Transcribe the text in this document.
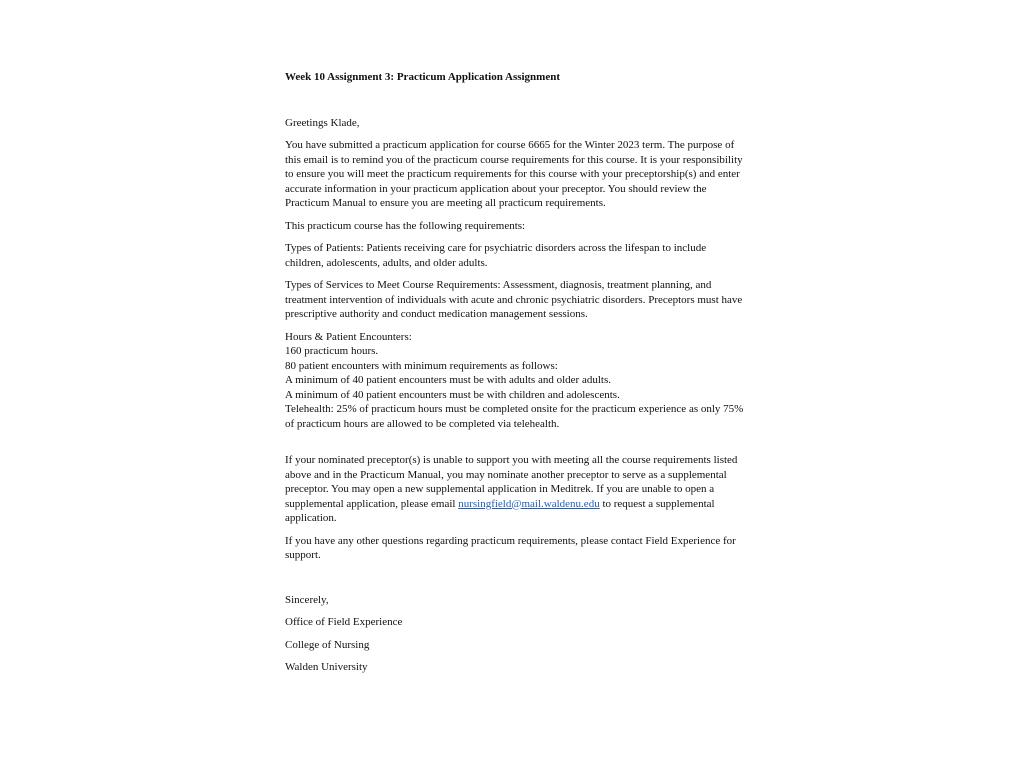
Week 10 Assignment 3: Practicum Application Assignment

Greetings Klade,

You have submitted a practicum application for course 6665 for the Winter 2023 term. The purpose of this email is to remind you of the practicum course requirements for this course. It is your responsibility to ensure you will meet the practicum requirements for this course with your preceptorship(s) and enter accurate information in your practicum application about your preceptor. You should review the Practicum Manual to ensure you are meeting all practicum requirements.

This practicum course has the following requirements:

Types of Patients: Patients receiving care for psychiatric disorders across the lifespan to include children, adolescents, adults, and older adults.

Types of Services to Meet Course Requirements: Assessment, diagnosis, treatment planning, and treatment intervention of individuals with acute and chronic psychiatric disorders. Preceptors must have prescriptive authority and conduct medication management sessions.

Hours & Patient Encounters:
160 practicum hours.
80 patient encounters with minimum requirements as follows:
A minimum of 40 patient encounters must be with adults and older adults.
A minimum of 40 patient encounters must be with children and adolescents.
Telehealth: 25% of practicum hours must be completed onsite for the practicum experience as only 75% of practicum hours are allowed to be completed via telehealth.

If your nominated preceptor(s) is unable to support you with meeting all the course requirements listed above and in the Practicum Manual, you may nominate another preceptor to serve as a supplemental preceptor. You may open a new supplemental application in Meditrek. If you are unable to open a supplemental application, please email nursingfield@mail.waldenu.edu to request a supplemental application.

If you have any other questions regarding practicum requirements, please contact Field Experience for support.

Sincerely,

Office of Field Experience

College of Nursing

Walden University
